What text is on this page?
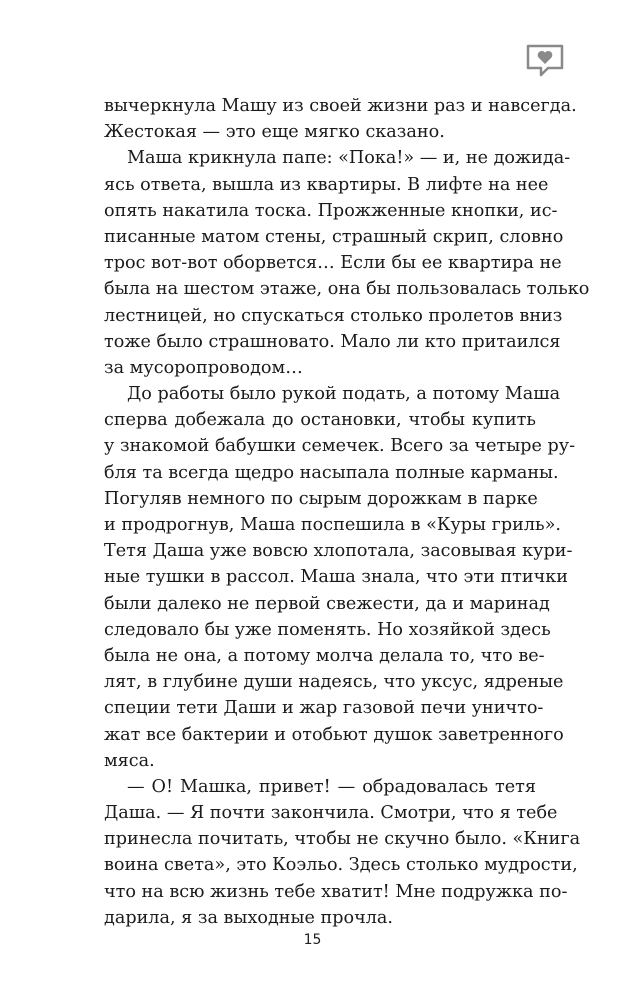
вычеркнула Машу из своей жизни раз и навсегда.
Жестокая — это еще мягко сказано.
Маша крикнула папе: «Пока!» — и, не дожида-
ясь ответа, вышла из квартиры. В лифте на нее
опять накатила тоска. Прожженные кнопки, ис-
писанные матом стены, страшный скрип, словно
трос вот-вот оборвется… Если бы ее квартира не
была на шестом этаже, она бы пользовалась только
лестницей, но спускаться столько пролетов вниз
тоже было страшновато. Мало ли кто притаился
за мусоропроводом…
До работы было рукой подать, а потому Маша
сперва добежала до остановки, чтобы купить
у знакомой бабушки семечек. Всего за четыре ру-
бля та всегда щедро насыпала полные карманы.
Погуляв немного по сырым дорожкам в парке
и продрогнув, Маша поспешила в «Куры гриль».
Тетя Даша уже вовсю хлопотала, засовывая кури-
ные тушки в рассол. Маша знала, что эти птички
были далеко не первой свежести, да и маринад
следовало бы уже поменять. Но хозяйкой здесь
была не она, а потому молча делала то, что ве-
лят, в глубине души надеясь, что уксус, ядреные
специи тети Даши и жар газовой печи уничто-
жат все бактерии и отобьют душок заветренного
мяса.
— О! Машка, привет! — обрадовалась тетя
Даша. — Я почти закончила. Смотри, что я тебе
принесла почитать, чтобы не скучно было. «Книга
воина света», это Коэльо. Здесь столько мудрости,
что на всю жизнь тебе хватит! Мне подружка по-
дарила, я за выходные прочла.
15
